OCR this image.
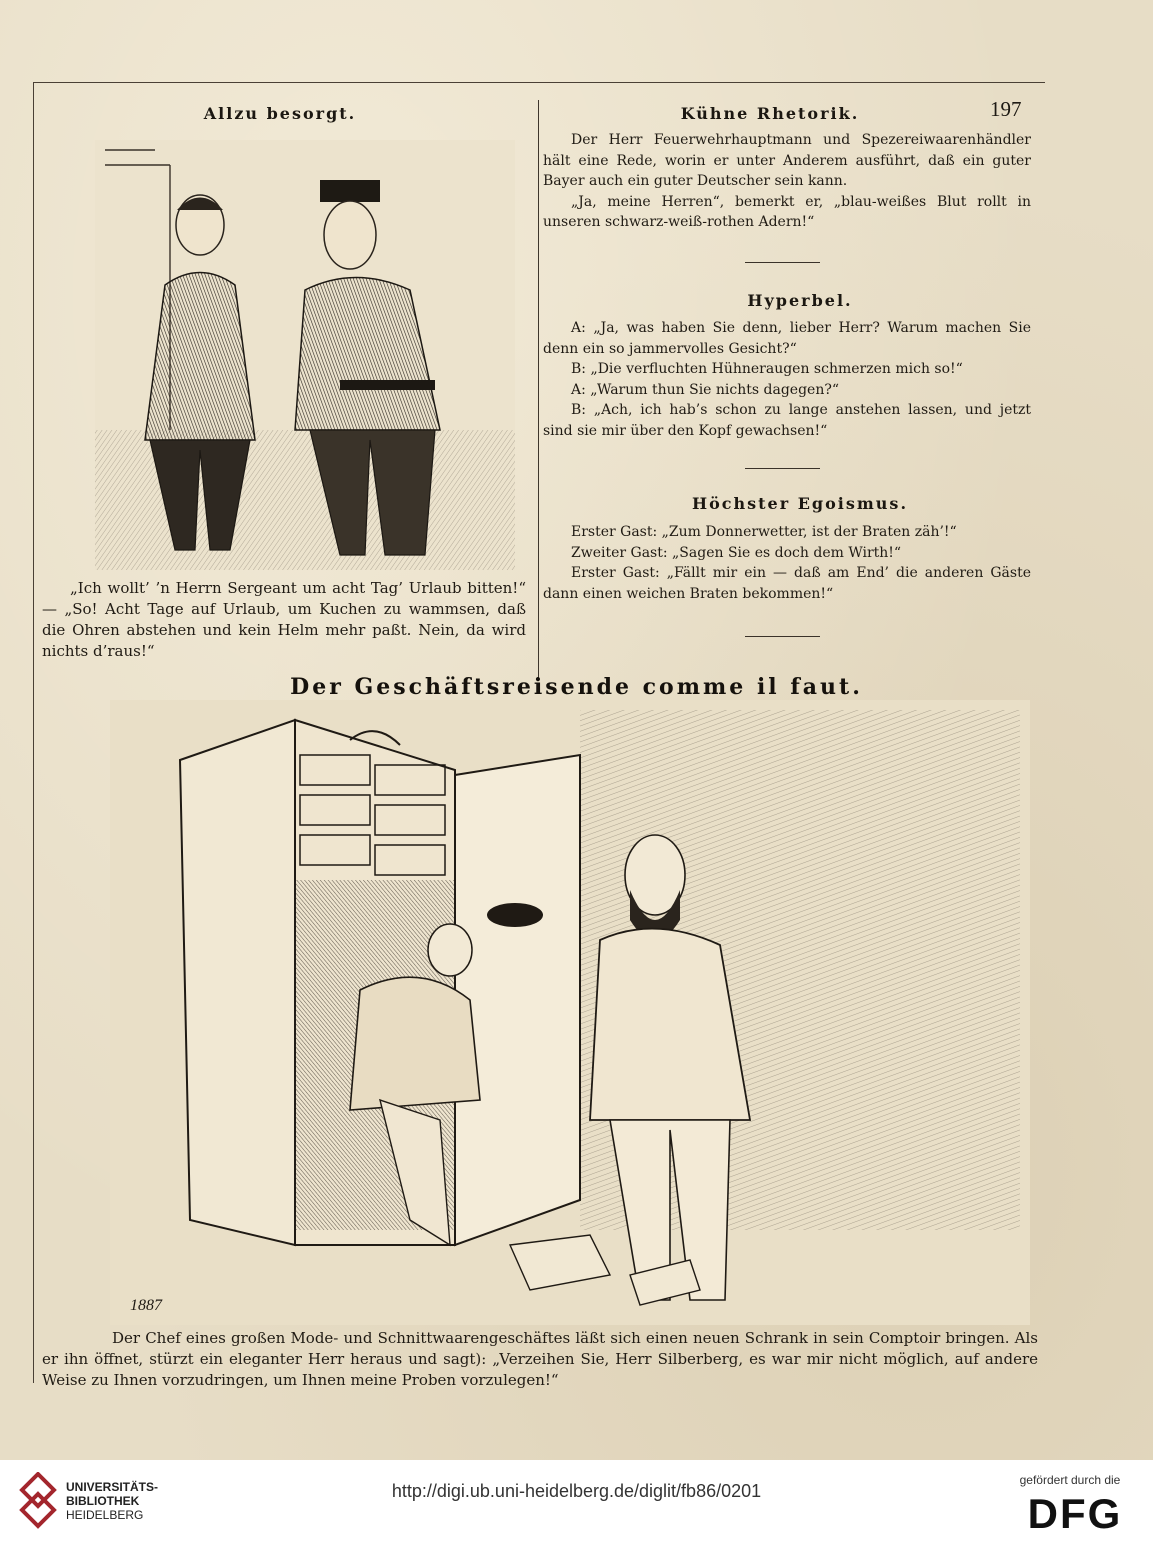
197
Allzu besorgt.

„Ich wollt’ ’n Herrn Sergeant um acht Tag’ Urlaub bitten!“ — „So! Acht Tage auf Urlaub, um Kuchen zu wammsen, daß die Ohren abstehen und kein Helm mehr paßt. Nein, da wird nichts d’raus!“

Kühne Rhetorik.

Der Herr Feuerwehrhauptmann und Spezereiwaarenhändler hält eine Rede, worin er unter Anderem ausführt, daß ein guter Bayer auch ein guter Deutscher sein kann.

„Ja, meine Herren“, bemerkt er, „blau-weißes Blut rollt in unseren schwarz-weiß-rothen Adern!“

Hyperbel.

A: „Ja, was haben Sie denn, lieber Herr? Warum machen Sie denn ein so jammervolles Gesicht?“

B: „Die verfluchten Hühneraugen schmerzen mich so!“

A: „Warum thun Sie nichts dagegen?“

B: „Ach, ich hab’s schon zu lange anstehen lassen, und jetzt sind sie mir über den Kopf gewachsen!“

Höchster Egoismus.

Erster Gast: „Zum Donnerwetter, ist der Braten zäh’!“

Zweiter Gast: „Sagen Sie es doch dem Wirth!“

Erster Gast: „Fällt mir ein — daß am End’ die anderen Gäste dann einen weichen Braten bekommen!“

Der Geschäftsreisende comme il faut.
1887
Der Chef eines großen Mode- und Schnittwaarengeschäftes läßt sich einen neuen Schrank in sein Comptoir bringen. Als er ihn öffnet, stürzt ein eleganter Herr heraus und sagt): „Verzeihen Sie, Herr Silberberg, es war mir nicht möglich, auf andere Weise zu Ihnen vorzudringen, um Ihnen meine Proben vorzulegen!“
UNIVERSITÄTS-
BIBLIOTHEK
HEIDELBERG
http://digi.ub.uni-heidelberg.de/diglit/fb86/0201
gefördert durch die
DFG
